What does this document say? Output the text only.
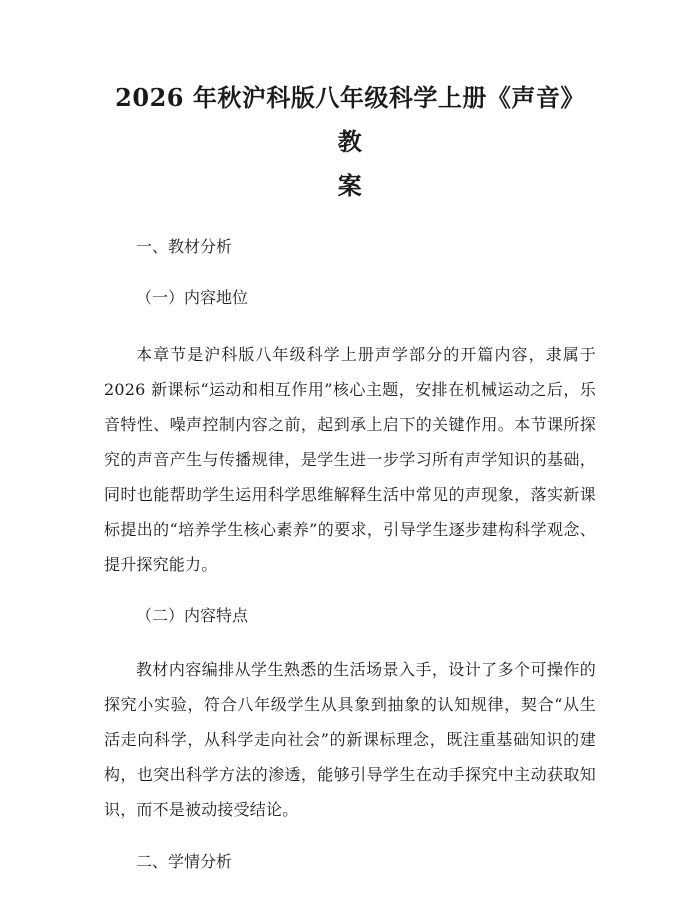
2026 年秋沪科版八年级科学上册《声音》教
案
一、教材分析
（一）内容地位

本章节是沪科版八年级科学上册声学部分的开篇内容，隶属于 2026 新课标“运动和相互作用”核心主题，安排在机械运动之后，乐音特性、噪声控制内容之前，起到承上启下的关键作用。本节课所探究的声音产生与传播规律，是学生进一步学习所有声学知识的基础，同时也能帮助学生运用科学思维解释生活中常见的声现象，落实新课标提出的“培养学生核心素养”的要求，引导学生逐步建构科学观念、提升探究能力。

（二）内容特点

教材内容编排从学生熟悉的生活场景入手，设计了多个可操作的探究小实验，符合八年级学生从具象到抽象的认知规律，契合“从生活走向科学，从科学走向社会”的新课标理念，既注重基础知识的建构，也突出科学方法的渗透，能够引导学生在动手探究中主动获取知识，而不是被动接受结论。

二、学情分析
